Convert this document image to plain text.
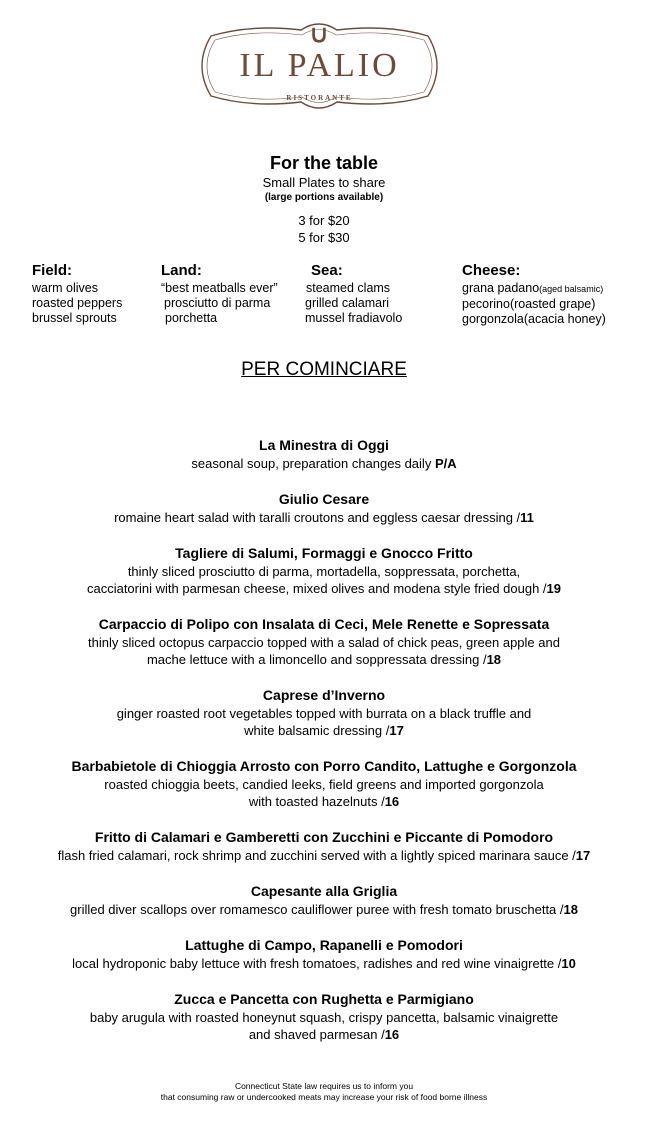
IL PALIO
RISTORANTE
For the table
Small Plates to share
(large portions available)
3 for $20
5 for $30
Field:
warm olives
roasted peppers
brussel sprouts
Land:
“best meatballs ever”
prosciutto di parma
porchetta
Sea:
steamed clams
grilled calamari
mussel fradiavolo
Cheese:
grana padano(aged balsamic)
pecorino(roasted grape)
gorgonzola(acacia honey)
PER COMINCIARE
La Minestra di Oggi
seasonal soup, preparation changes daily P/A
Giulio Cesare
romaine heart salad with taralli croutons and eggless caesar dressing /11
Tagliere di Salumi, Formaggi e Gnocco Fritto
thinly sliced prosciutto di parma, mortadella, soppressata, porchetta,
cacciatorini with parmesan cheese, mixed olives and modena style fried dough /19
Carpaccio di Polipo con Insalata di Ceci, Mele Renette e Sopressata
thinly sliced octopus carpaccio topped with a salad of chick peas, green apple and
mache lettuce with a limoncello and soppressata dressing /18
Caprese d’Inverno
ginger roasted root vegetables topped with burrata on a black truffle and
white balsamic dressing /17
Barbabietole di Chioggia Arrosto con Porro Candito, Lattughe e Gorgonzola
roasted chioggia beets, candied leeks, field greens and imported gorgonzola
with toasted hazelnuts /16
Fritto di Calamari e Gamberetti con Zucchini e Piccante di Pomodoro
flash fried calamari, rock shrimp and zucchini served with a lightly spiced marinara sauce /17
Capesante alla Griglia
grilled diver scallops over romamesco cauliflower puree with fresh tomato bruschetta /18
Lattughe di Campo, Rapanelli e Pomodori
local hydroponic baby lettuce with fresh tomatoes, radishes and red wine vinaigrette /10
Zucca e Pancetta con Rughetta e Parmigiano
baby arugula with roasted honeynut squash, crispy pancetta, balsamic vinaigrette
and shaved parmesan /16
Connecticut State law requires us to inform you
that consuming raw or undercooked meats may increase your risk of food borne illness
